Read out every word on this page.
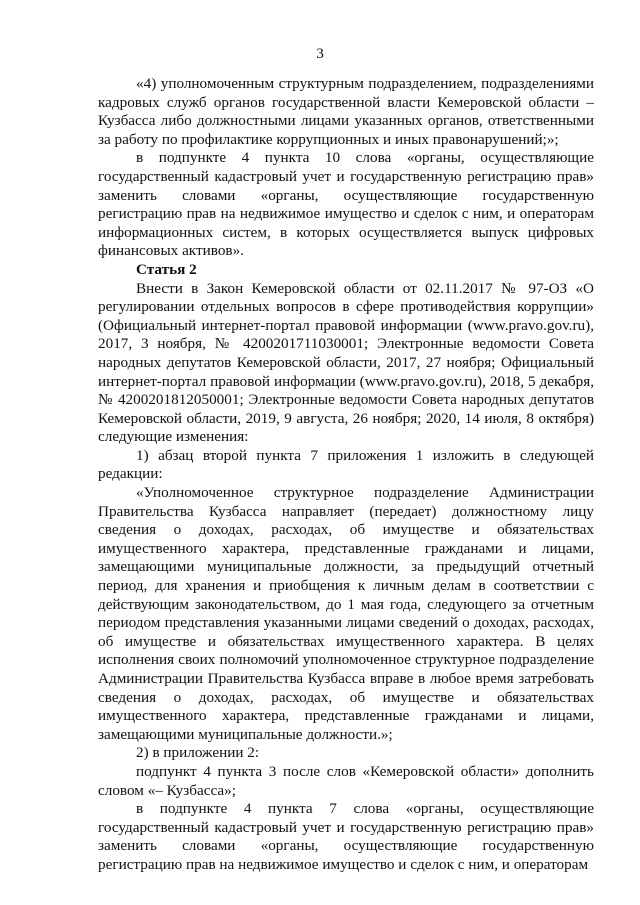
3

«4) уполномоченным структурным подразделением, подразделениями кадровых служб органов государственной власти Кемеровской области – Кузбасса либо должностными лицами указанных органов, ответственными за работу по профилактике коррупционных и иных правонарушений;»;

в подпункте 4 пункта 10 слова «органы, осуществляющие государственный кадастровый учет и государственную регистрацию прав» заменить словами «органы, осуществляющие государственную регистрацию прав на недвижимое имущество и сделок с ним, и операторам информационных систем, в которых осуществляется выпуск цифровых финансовых активов».

Статья 2

Внести в Закон Кемеровской области от 02.11.2017 № 97-ОЗ «О регулировании отдельных вопросов в сфере противодействия коррупции» (Официальный интернет-портал правовой информации (www.pravo.gov.ru), 2017, 3 ноября, № 4200201711030001; Электронные ведомости Совета народных депутатов Кемеровской области, 2017, 27 ноября; Официальный интернет-портал правовой информации (www.pravo.gov.ru), 2018, 5 декабря, № 4200201812050001; Электронные ведомости Совета народных депутатов Кемеровской области, 2019, 9 августа, 26 ноября; 2020, 14 июля, 8 октября) следующие изменения:

1) абзац второй пункта 7 приложения 1 изложить в следующей редакции:

«Уполномоченное структурное подразделение Администрации Правительства Кузбасса направляет (передает) должностному лицу сведения о доходах, расходах, об имуществе и обязательствах имущественного характера, представленные гражданами и лицами, замещающими муниципальные должности, за предыдущий отчетный период, для хранения и приобщения к личным делам в соответствии с действующим законодательством, до 1 мая года, следующего за отчетным периодом представления указанными лицами сведений о доходах, расходах, об имуществе и обязательствах имущественного характера. В целях исполнения своих полномочий уполномоченное структурное подразделение Администрации Правительства Кузбасса вправе в любое время затребовать сведения о доходах, расходах, об имуществе и обязательствах имущественного характера, представленные гражданами и лицами, замещающими муниципальные должности.»;

2) в приложении 2:

подпункт 4 пункта 3 после слов «Кемеровской области» дополнить словом «– Кузбасса»;

в подпункте 4 пункта 7 слова «органы, осуществляющие государственный кадастровый учет и государственную регистрацию прав» заменить словами «органы, осуществляющие государственную регистрацию прав на недвижимое имущество и сделок с ним, и операторам
